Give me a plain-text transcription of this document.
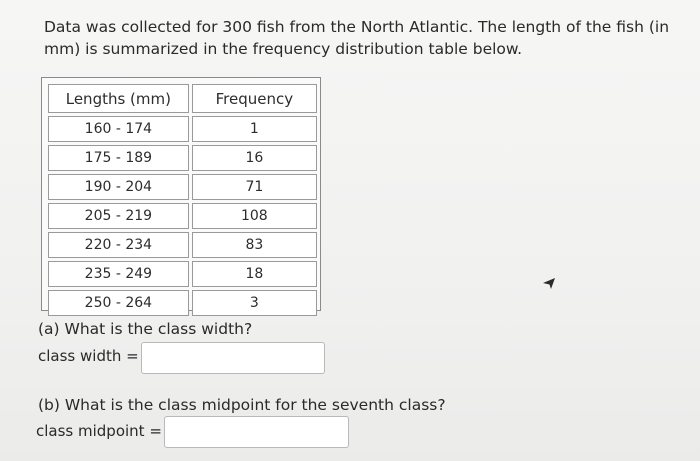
Data was collected for 300 fish from the North Atlantic. The length of the fish (in mm) is summarized in the frequency distribution table below.

Lengths (mm)	Frequency
160 - 174	1
175 - 189	16
190 - 204	71
205 - 219	108
220 - 234	83
235 - 249	18
250 - 264	3

(a) What is the class width?

class width =

(b) What is the class midpoint for the seventh class?

class midpoint =
